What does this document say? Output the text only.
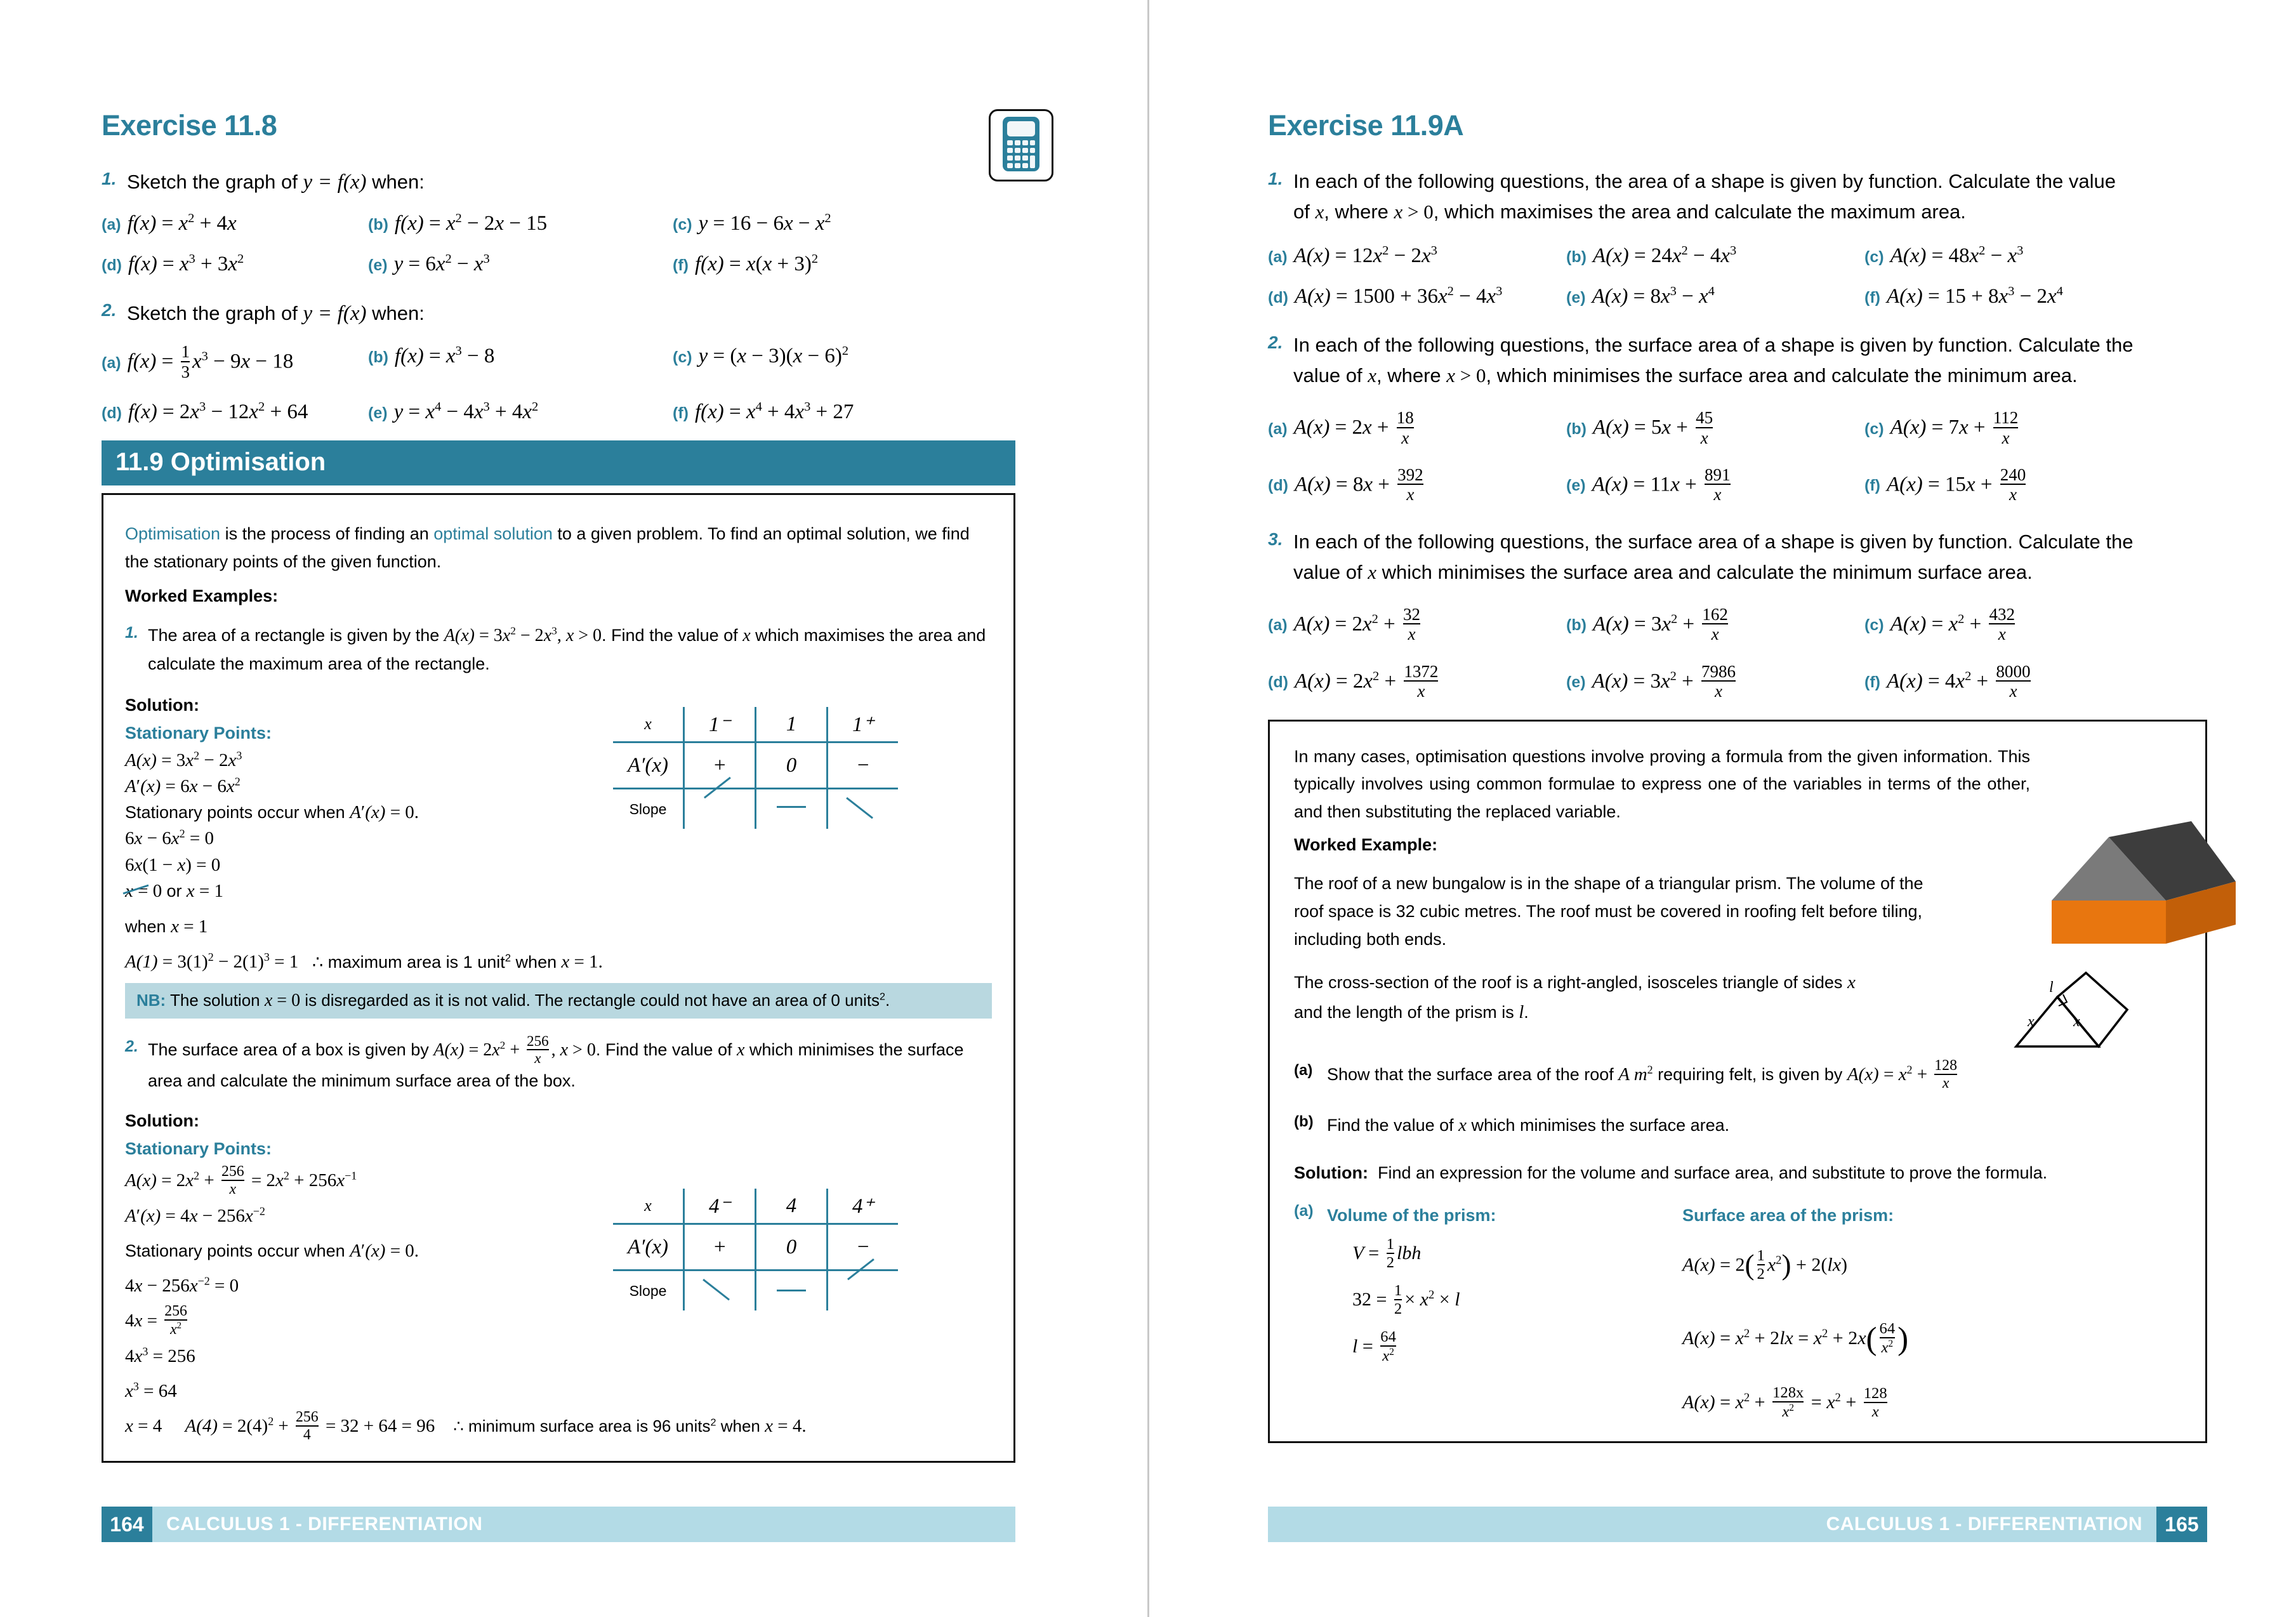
Exercise 11.8
1. Sketch the graph of y = f(x) when:
(a) $f(x) = x^2 + 4x$	(b) $f(x) = x^2 - 2x - 15$	(c) $y = 16 - 6x - x^2$
(d) $f(x) = x^3 + 3x^2$	(e) $y = 6x^2 - x^3$	(f) $f(x) = x(x + 3)^2$
2. Sketch the graph of y = f(x) when:
(a) $f(x) = \frac{1}{3} x^3 - 9x - 18$	(b) $f(x) = x^3 - 8$	(c) $y = (x - 3)(x - 6)^2$
(d) $f(x) = 2x^3 - 12x^2 + 64$	(e) $y = x^4 - 4x^3 + 4x^2$	(f) $f(x) = x^4 + 4x^3 + 27$
11.9 Optimisation
Optimisation is the process of finding an optimal solution to a given problem. To find an optimal solution, we find the stationary points of the given function.
Worked Examples:
1. The area of a rectangle is given by the $A(x) = 3x^2 - 2x^3$, x > 0. Find the value of x which maximises the area and calculate the maximum area of the rectangle.
x	1⁻	1	1⁺
A′(x)	+	0	−
Slope			
Solution:
Stationary Points:
$A(x) = 3x^2 - 2x^3$
$A'(x) = 6x - 6x^2$
Stationary points occur when A′(x) = 0.
$6x - 6x^2 = 0$
6x(1 − x) = 0
x
= 0 or x = 1
when x = 1
$A(1) = 3(1)^2 - 2(1)^3 = 1$ ∴ maximum area is 1 unit$^2$ when x = 1.
NB: The solution x = 0 is disregarded as it is not valid. The rectangle could not have an area of 0 units$^2$.
2. The surface area of a box is given by $A(x) = 2x^2 + \frac{256}{x}$ , x > 0. Find the value of x which minimises the surface area and calculate the minimum surface area of the box.
x	4⁻	4	4⁺
A′(x)	+	0	−
Slope			
Solution:
Stationary Points:
$A(x) = 2x^2 + \frac{256}{x} = 2x^2 + 256x^{-1}$
$A'(x) = 4x - 256x^{-2}$
Stationary points occur when A′(x) = 0.
$4x - 256x^{-2} = 0$
$4x = \frac{256}{x^2}$
$4x^3 = 256$
$x^3 = 64$
x = 4     $A(4) = 2(4)^2 + \frac{256}{4} = 32 + 64 = 96$ ∴ minimum surface area is 96 units$^2$ when x = 4.
164	CALCULUS 1 - DIFFERENTIATION
Exercise 11.9A
1. In each of the following questions, the area of a shape is given by function. Calculate the value of x, where x > 0, which maximises the area and calculate the maximum area.
(a) $A(x) = 12x^2 - 2x^3$	(b) $A(x) = 24x^2 - 4x^3$	(c) $A(x) = 48x^2 - x^3$
(d) $A(x) = 1500 + 36x^2 - 4x^3$	(e) $A(x) = 8x^3 - x^4$	(f) $A(x) = 15 + 8x^3 - 2x^4$
2. In each of the following questions, the surface area of a shape is given by function. Calculate the value of x, where x > 0, which minimises the surface area and calculate the minimum area.
(a) $A(x) = 2x + \frac{18}{x}$	(b) $A(x) = 5x + \frac{45}{x}$	(c) $A(x) = 7x + \frac{112}{x}$
(d) $A(x) = 8x + \frac{392}{x}$	(e) $A(x) = 11x + \frac{891}{x}$	(f) $A(x) = 15x + \frac{240}{x}$
3. In each of the following questions, the surface area of a shape is given by function. Calculate the value of x which minimises the surface area and calculate the minimum surface area.
(a) $A(x) = 2x^2 + \frac{32}{x}$	(b) $A(x) = 3x^2 + \frac{162}{x}$	(c) $A(x) = x^2 + \frac{432}{x}$
(d) $A(x) = 2x^2 + \frac{1372}{x}$	(e) $A(x) = 3x^2 + \frac{7986}{x}$	(f) $A(x) = 4x^2 + \frac{8000}{x}$
In many cases, optimisation questions involve proving a formula from the given information. This typically involves using common formulae to express one of the variables in terms of the other, and then substituting the replaced variable.
Worked Example:
The roof of a new bungalow is in the shape of a triangular prism. The volume of the roof space is 32 cubic metres. The roof must be covered in roofing felt before tiling, including both ends.
x	x
l
The cross-section of the roof is a right-angled, isosceles triangle of sides x
and the length of the prism is l.
(a) Show that the surface area of the roof A $m^2$ requiring felt, is given by $A(x) = x^2 + \frac{128}{x}$
(b) Find the value of x which minimises the surface area.
Solution: Find an expression for the volume and surface area, and substitute to prove the formula.
(a) Volume of the prism:
$V = \frac{1}{2}$ lbh
$32 = \frac{1}{2} \times x^2 \times l$
$l = \frac{64}{x^2}$
Surface area of the prism:
$A(x) = 2( \frac{1}{2} x^2) + 2(lx)$
$A(x) = x^2 + 2lx = x^2 + 2x( \frac{64}{x^2}$ )
$A(x) = x^2 + \frac{128x}{x^2} = x^2 + \frac{128}{x}$
CALCULUS 1 - DIFFERENTIATION	165
